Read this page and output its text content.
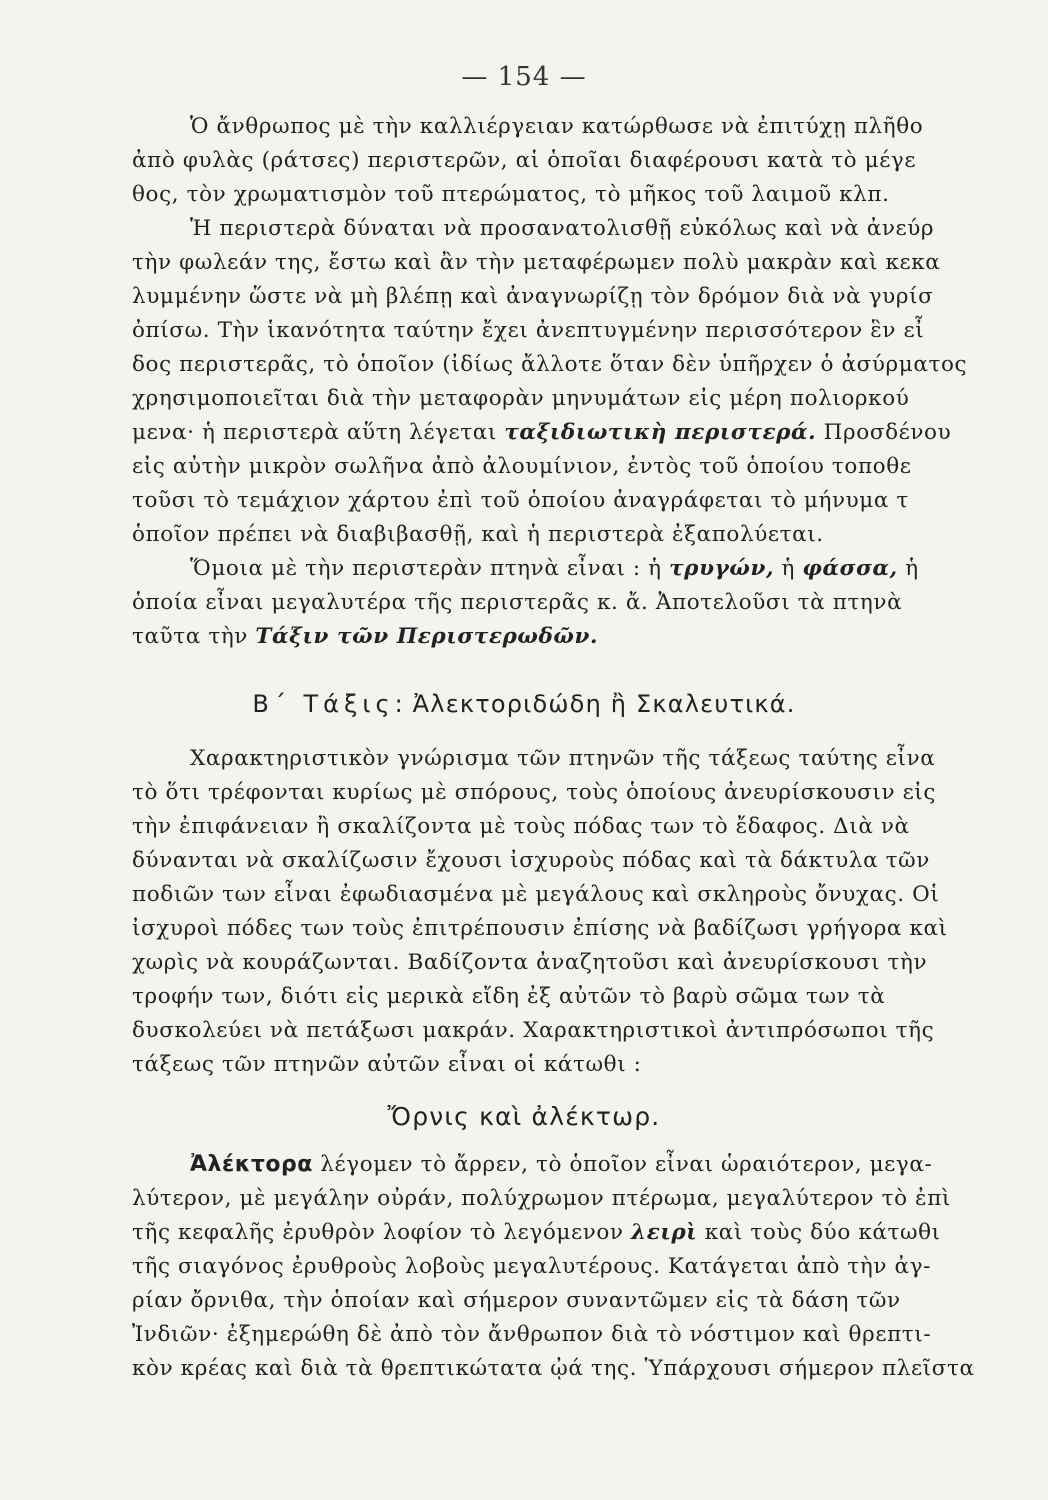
— 154 —
Ὁ ἄνθρωπος μὲ τὴν καλλιέργειαν κατώρθωσε νὰ ἐπιτύχῃ πλῆθο
ἀπὸ φυλὰς (ράτσες) περιστερῶν, αἱ ὁποῖαι διαφέρουσι κατὰ τὸ μέγε
θος, τὸν χρωματισμὸν τοῦ πτερώματος, τὸ μῆκος τοῦ λαιμοῦ κλπ.
Ἡ περιστερὰ δύναται νὰ προσανατολισθῇ εὐκόλως καὶ νὰ ἀνεύρ
τὴν φωλεάν της, ἔστω καὶ ἂν τὴν μεταφέρωμεν πολὺ μακρὰν καὶ κεκα
λυμμένην ὥστε νὰ μὴ βλέπῃ καὶ ἀναγνωρίζῃ τὸν δρόμον διὰ νὰ γυρίσ
ὀπίσω. Τὴν ἱκανότητα ταύτην ἔχει ἀνεπτυγμένην περισσότερον ἓν εἶ
δος περιστερᾶς, τὸ ὁποῖον (ἰδίως ἄλλοτε ὅταν δὲν ὑπῆρχεν ὁ ἀσύρματος
χρησιμοποιεῖται διὰ τὴν μεταφορὰν μηνυμάτων εἰς μέρη πολιορκού
μενα· ἡ περιστερὰ αὕτη λέγεται ταξιδιωτικὴ περιστερά. Προσδένου
εἰς αὐτὴν μικρὸν σωλῆνα ἀπὸ ἀλουμίνιον, ἐντὸς τοῦ ὁποίου τοποθε
τοῦσι τὸ τεμάχιον χάρτου ἐπὶ τοῦ ὁποίου ἀναγράφεται τὸ μήνυμα τ
ὁποῖον πρέπει νὰ διαβιβασθῇ, καὶ ἡ περιστερὰ ἐξαπολύεται.
Ὅμοια μὲ τὴν περιστερὰν πτηνὰ εἶναι : ἡ τρυγών, ἡ φάσσα, ἡ
ὁποία εἶναι μεγαλυτέρα τῆς περιστερᾶς κ. ἄ. Ἀποτελοῦσι τὰ πτηνὰ
ταῦτα τὴν Τάξιν τῶν Περιστερωδῶν.
Β΄ Τάξις: Ἀλεκτοριδώδη ἢ Σκαλευτικά.
Χαρακτηριστικὸν γνώρισμα τῶν πτηνῶν τῆς τάξεως ταύτης εἶνα
τὸ ὅτι τρέφονται κυρίως μὲ σπόρους, τοὺς ὁποίους ἀνευρίσκουσιν εἰς
τὴν ἐπιφάνειαν ἢ σκαλίζοντα μὲ τοὺς πόδας των τὸ ἔδαφος. Διὰ νὰ
δύνανται νὰ σκαλίζωσιν ἔχουσι ἰσχυροὺς πόδας καὶ τὰ δάκτυλα τῶν
ποδιῶν των εἶναι ἐφωδιασμένα μὲ μεγάλους καὶ σκληροὺς ὄνυχας. Οἱ
ἰσχυροὶ πόδες των τοὺς ἐπιτρέπουσιν ἐπίσης νὰ βαδίζωσι γρήγορα καὶ
χωρὶς νὰ κουράζωνται. Βαδίζοντα ἀναζητοῦσι καὶ ἀνευρίσκουσι τὴν
τροφήν των, διότι εἰς μερικὰ εἴδη ἐξ αὐτῶν τὸ βαρὺ σῶμα των τὰ
δυσκολεύει νὰ πετάξωσι μακράν. Χαρακτηριστικοὶ ἀντιπρόσωποι τῆς
τάξεως τῶν πτηνῶν αὐτῶν εἶναι οἱ κάτωθι :
Ὄρνις καὶ ἀλέκτωρ.
Ἀλέκτορα λέγομεν τὸ ἄρρεν, τὸ ὁποῖον εἶναι ὡραιότερον, μεγα-
λύτερον, μὲ μεγάλην οὐράν, πολύχρωμον πτέρωμα, μεγαλύτερον τὸ ἐπὶ
τῆς κεφαλῆς ἐρυθρὸν λοφίον τὸ λεγόμενον λειρὶ καὶ τοὺς δύο κάτωθι
τῆς σιαγόνος ἐρυθροὺς λοβοὺς μεγαλυτέρους. Κατάγεται ἀπὸ τὴν ἀγ-
ρίαν ὄρνιθα, τὴν ὁποίαν καὶ σήμερον συναντῶμεν εἰς τὰ δάση τῶν
Ἰνδιῶν· ἐξημερώθη δὲ ἀπὸ τὸν ἄνθρωπον διὰ τὸ νόστιμον καὶ θρεπτι-
κὸν κρέας καὶ διὰ τὰ θρεπτικώτατα ᾠά της. Ὑπάρχουσι σήμερον πλεῖστα
